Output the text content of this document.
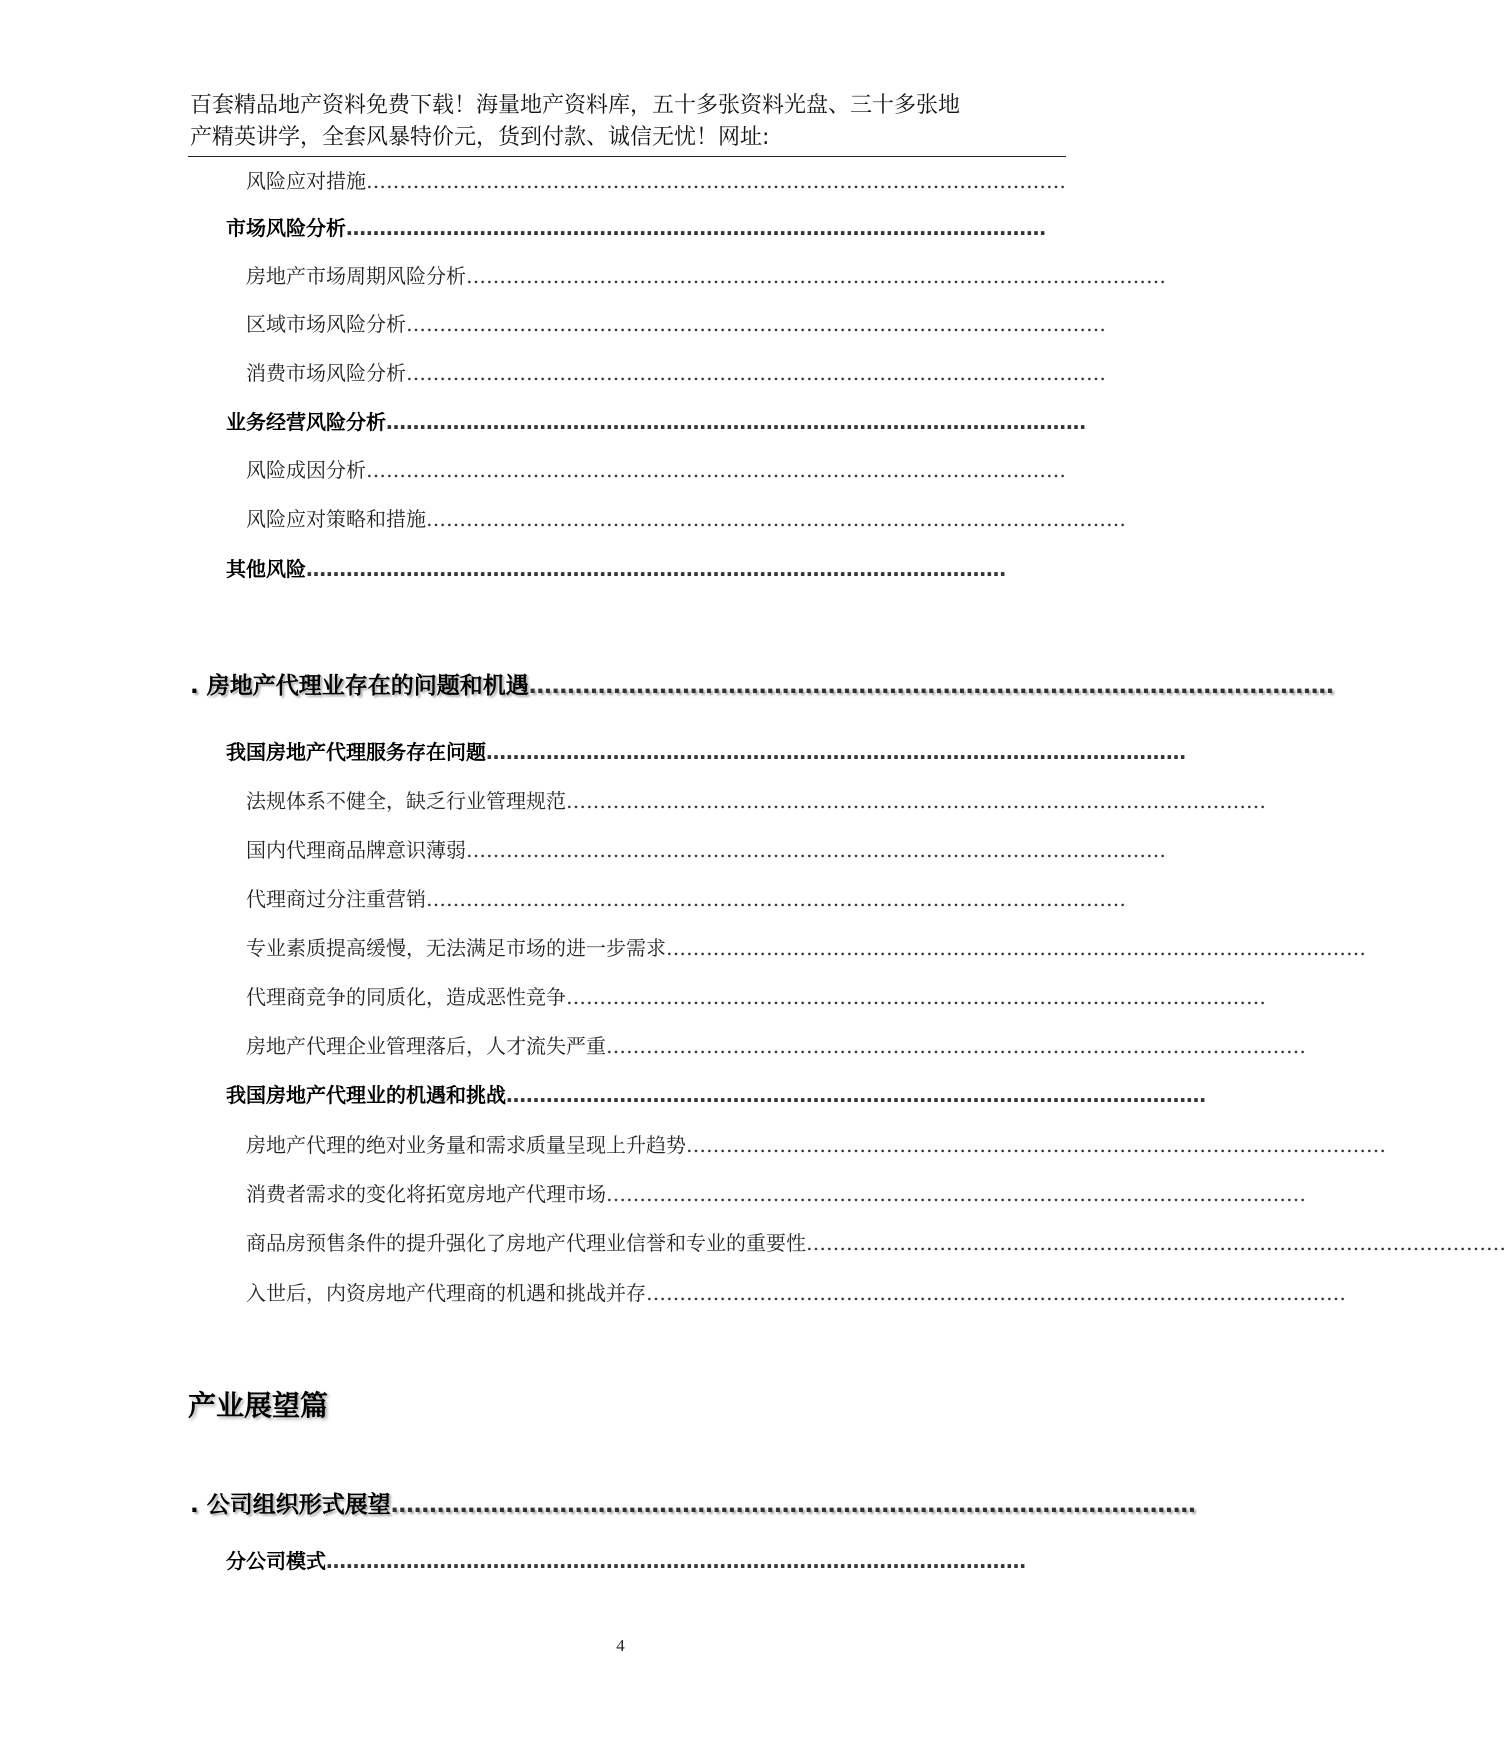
百套精品地产资料免费下载！海量地产资料库，五十多张资料光盘、三十多张地
产精英讲学，全套风暴特价元，货到付款、诚信无忧！网址:
风险应对措施……………………………………………………………………………………………
市场风险分析……………………………………………………………………………………………
房地产市场周期风险分析……………………………………………………………………………………………
区域市场风险分析……………………………………………………………………………………………
消费市场风险分析……………………………………………………………………………………………
业务经营风险分析……………………………………………………………………………………………
风险成因分析……………………………………………………………………………………………
风险应对策略和措施……………………………………………………………………………………………
其他风险……………………………………………………………………………………………
. 房地产代理业存在的问题和机遇……………………………………………………………………………………………
我国房地产代理服务存在问题……………………………………………………………………………………………
法规体系不健全，缺乏行业管理规范……………………………………………………………………………………………
国内代理商品牌意识薄弱……………………………………………………………………………………………
代理商过分注重营销……………………………………………………………………………………………
专业素质提高缓慢，无法满足市场的进一步需求……………………………………………………………………………………………
代理商竞争的同质化，造成恶性竞争……………………………………………………………………………………………
房地产代理企业管理落后，人才流失严重……………………………………………………………………………………………
我国房地产代理业的机遇和挑战……………………………………………………………………………………………
房地产代理的绝对业务量和需求质量呈现上升趋势……………………………………………………………………………………………
消费者需求的变化将拓宽房地产代理市场……………………………………………………………………………………………
商品房预售条件的提升强化了房地产代理业信誉和专业的重要性……………………………………………………………………………………………
入世后，内资房地产代理商的机遇和挑战并存……………………………………………………………………………………………
产业展望篇
. 公司组织形式展望……………………………………………………………………………………………
分公司模式……………………………………………………………………………………………
4
